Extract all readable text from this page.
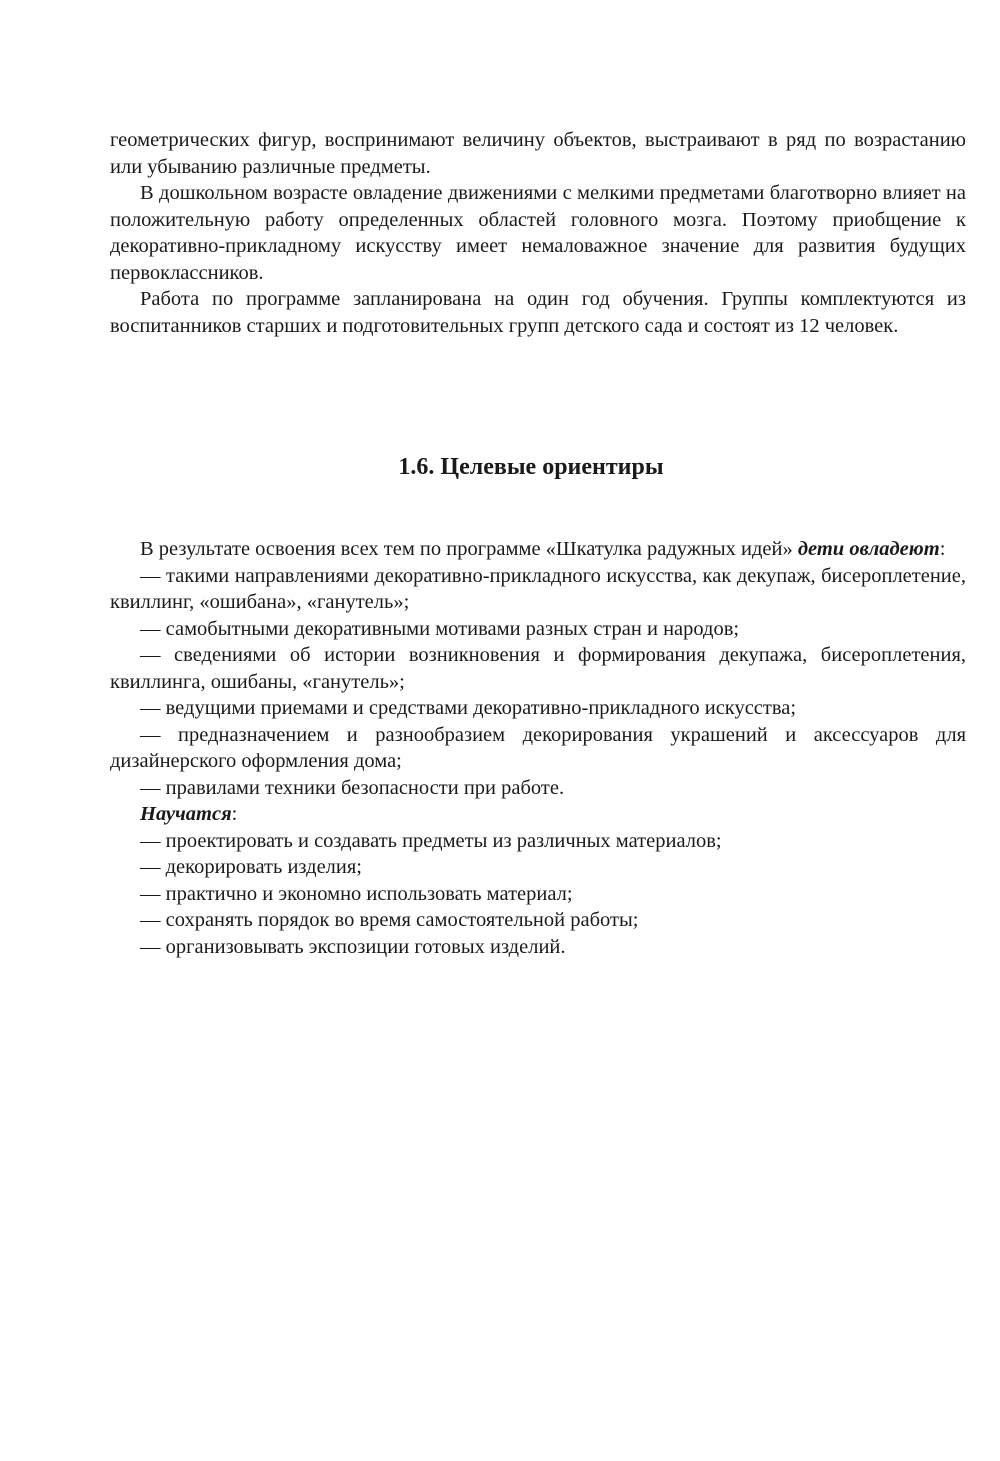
геометрических фигур, воспринимают величину объектов, выстраивают в ряд по возрастанию или убыванию различные предметы.

В дошкольном возрасте овладение движениями с мелкими предметами благотворно влияет на положительную работу определенных областей головного мозга. Поэтому приобщение к декоративно-прикладному искусству имеет немаловажное значение для развития будущих первоклассников.

Работа по программе запланирована на один год обучения. Группы комплектуются из воспитанников старших и подготовительных групп детского сада и состоят из 12 человек.

1.6. Целевые ориентиры

В результате освоения всех тем по программе «Шкатулка радужных идей» дети овладеют:

— такими направлениями декоративно-прикладного искусства, как декупаж, бисероплетение, квиллинг, «ошибана», «ганутель»;

— самобытными декоративными мотивами разных стран и народов;

— сведениями об истории возникновения и формирования декупажа, бисероплетения, квиллинга, ошибаны, «ганутель»;

— ведущими приемами и средствами декоративно-прикладного искусства;

— предназначением и разнообразием декорирования украшений и аксессуаров для дизайнерского оформления дома;

— правилами техники безопасности при работе.

Научатся:

— проектировать и создавать предметы из различных материалов;

— декорировать изделия;

— практично и экономно использовать материал;

— сохранять порядок во время самостоятельной работы;

— организовывать экспозиции готовых изделий.
